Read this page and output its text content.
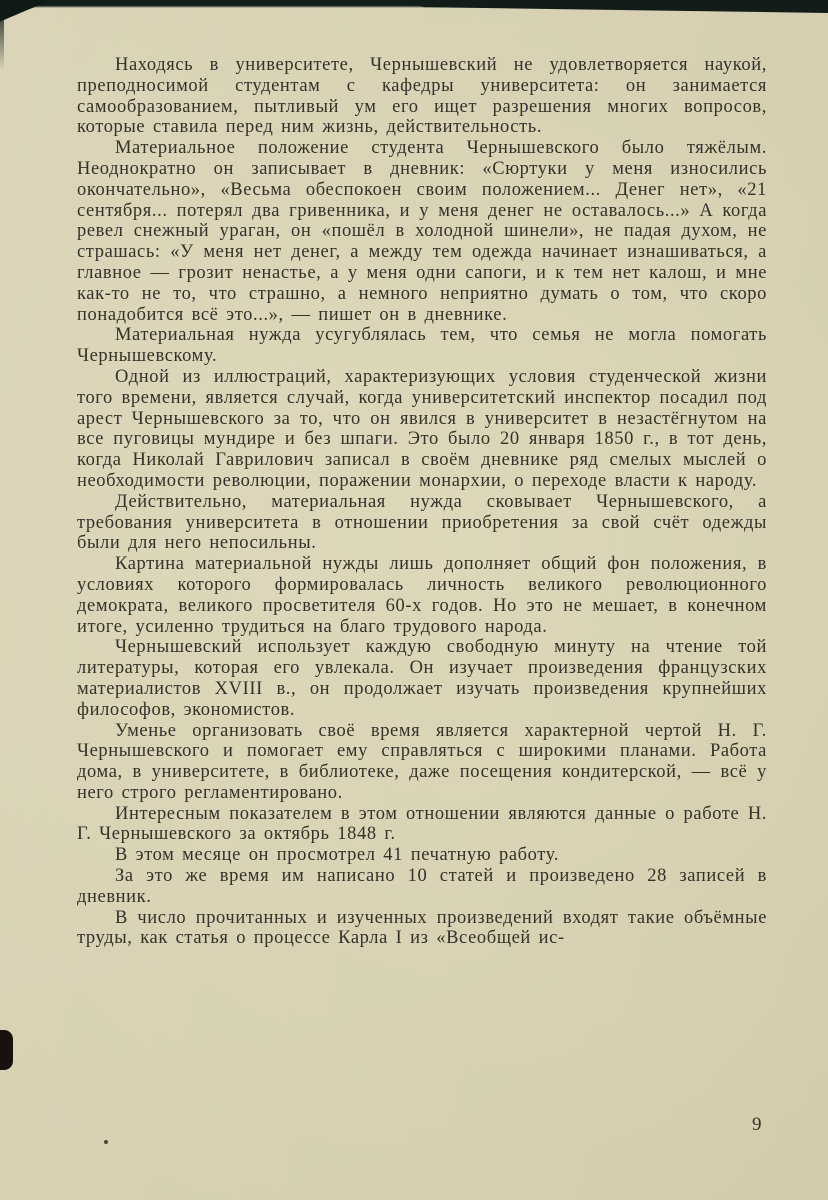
Находясь в университете, Чернышевский не удовлетворяется наукой, преподносимой студентам с кафедры университета: он занимается самообразованием, пытливый ум его ищет разрешения многих вопросов, которые ставила перед ним жизнь, действительность.

Материальное положение студента Чернышевского было тяжёлым. Неоднократно он записывает в дневник: «Сюртуки у меня износились окончательно», «Весьма обеспокоен своим положением... Денег нет», «21 сентября... потерял два гривенника, и у меня денег не оставалось...» А когда ревел снежный ураган, он «пошёл в холодной шинели», не падая духом, не страшась: «У меня нет денег, а между тем одежда начинает изнашиваться, а главное — грозит ненастье, а у меня одни сапоги, и к тем нет калош, и мне как-то не то, что страшно, а немного неприятно думать о том, что скоро понадобится всё это...», — пишет он в дневнике.

Материальная нужда усугублялась тем, что семья не могла помогать Чернышевскому.

Одной из иллюстраций, характеризующих условия студенческой жизни того времени, является случай, когда университетский инспектор посадил под арест Чернышевского за то, что он явился в университет в незастёгнутом на все пуговицы мундире и без шпаги. Это было 20 января 1850 г., в тот день, когда Николай Гаврилович записал в своём дневнике ряд смелых мыслей о необходимости революции, поражении монархии, о переходе власти к народу.

Действительно, материальная нужда сковывает Чернышевского, а требования университета в отношении приобретения за свой счёт одежды были для него непосильны.

Картина материальной нужды лишь дополняет общий фон положения, в условиях которого формировалась личность великого революционного демократа, великого просветителя 60-х годов. Но это не мешает, в конечном итоге, усиленно трудиться на благо трудового народа.

Чернышевский использует каждую свободную минуту на чтение той литературы, которая его увлекала. Он изучает произведения французских материалистов XVIII в., он продолжает изучать произведения крупнейших философов, экономистов.

Уменье организовать своё время является характерной чертой Н. Г. Чернышевского и помогает ему справляться с широкими планами. Работа дома, в университете, в библиотеке, даже посещения кондитерской, — всё у него строго регламентировано.

Интересным показателем в этом отношении являются данные о работе Н. Г. Чернышевского за октябрь 1848 г.

В этом месяце он просмотрел 41 печатную работу.

За это же время им написано 10 статей и произведено 28 записей в дневник.

В число прочитанных и изученных произведений входят такие объёмные труды, как статья о процессе Карла I из «Всеобщей ис-

9
